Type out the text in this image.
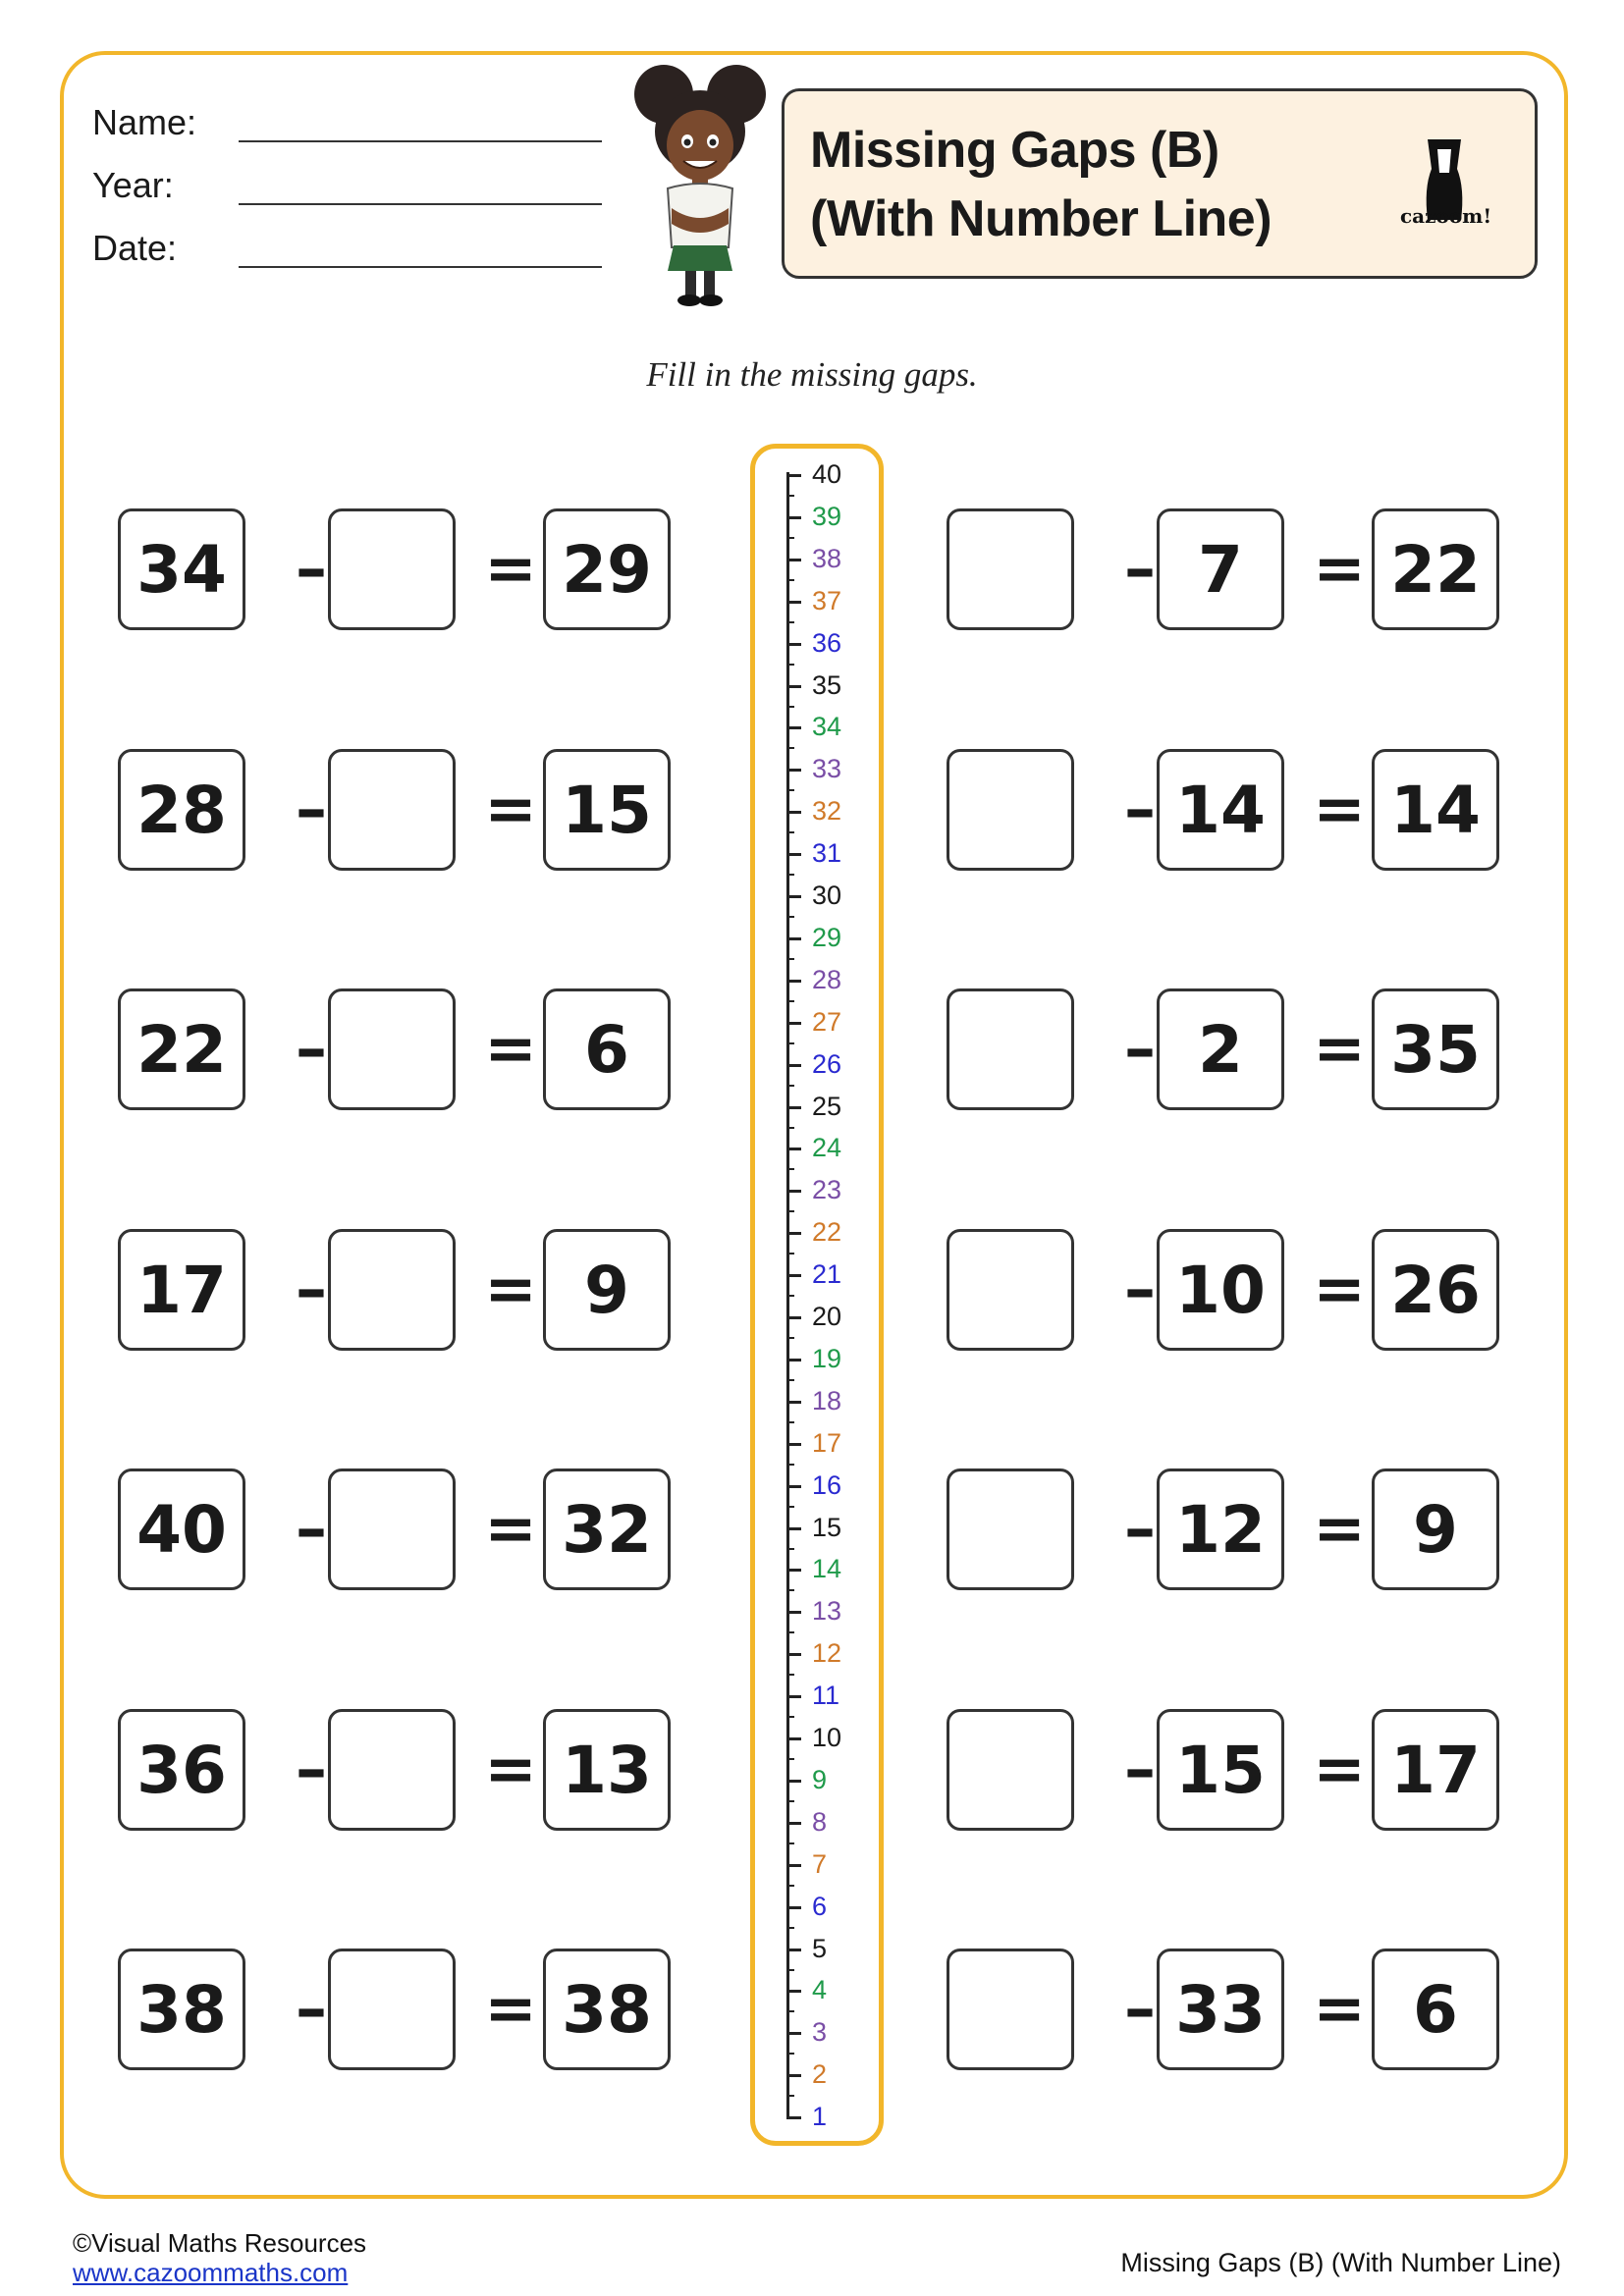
Name:
Year:
Date:
Missing Gaps (B)
(With Number Line)	cazoom!
Fill in the missing gaps.
34 –	= 29
28 –	= 15
22 –	= 6
17 –	= 9
40 –	= 32
36 –	= 13
38 –	= 38
– 7	= 22
– 14 = 14
– 2	= 35
– 10 = 26
– 12 = 9
– 15 = 17
– 33 = 6
40
39
38
37
36
35
34
33
32
31
30
29
28
27
26
25
24
23
22
21
20
19
18
17
16
15
14
13
12
11
10
9
8
7
6
5
4
3
2
1
©Visual Maths Resources
www.cazoommaths.com	Missing Gaps (B) (With Number Line)
